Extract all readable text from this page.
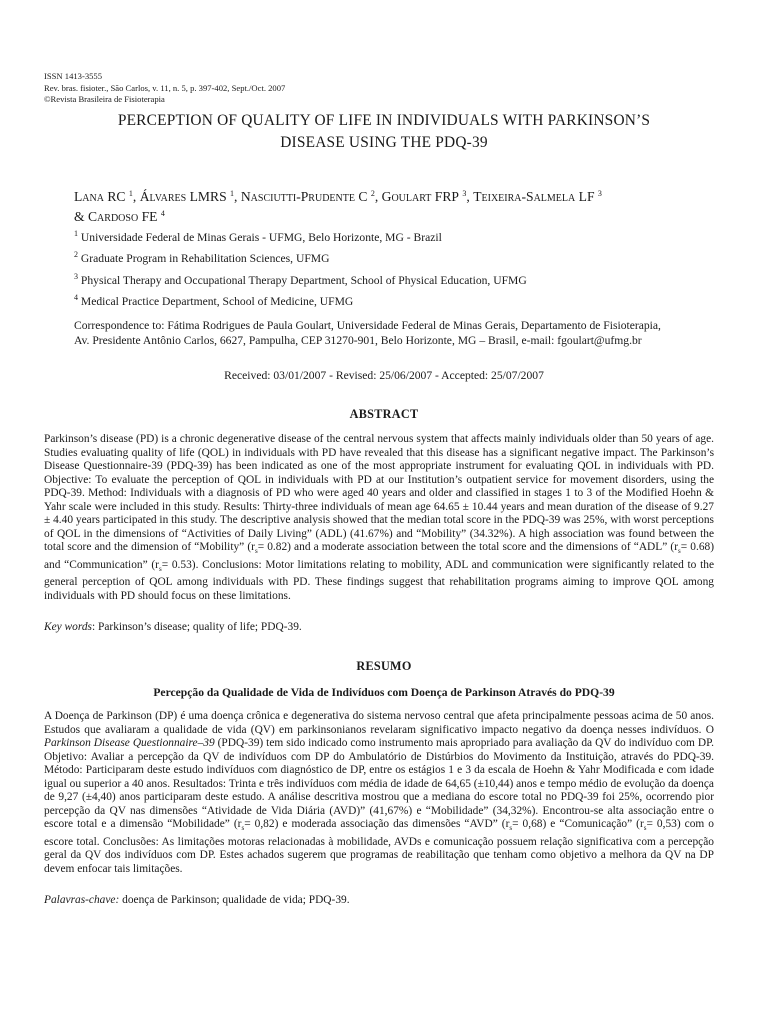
ISSN 1413-3555
Rev. bras. fisioter., São Carlos, v. 11, n. 5, p. 397-402, Sept./Oct. 2007
©Revista Brasileira de Fisioterapia
PERCEPTION OF QUALITY OF LIFE IN INDIVIDUALS WITH PARKINSON’S
DISEASE USING THE PDQ-39
Lana RC $^1$, Álvares LMRS $^1$, Nasciutti-Prudente C $^2$, Goulart FRP $^3$, Teixeira-Salmela LF $^3$
& Cardoso FE $^4$
$^1$ Universidade Federal de Minas Gerais - UFMG, Belo Horizonte, MG - Brazil
$^2$ Graduate Program in Rehabilitation Sciences, UFMG
$^3$ Physical Therapy and Occupational Therapy Department, School of Physical Education, UFMG
$^4$ Medical Practice Department, School of Medicine, UFMG
Correspondence to: Fátima Rodrigues de Paula Goulart, Universidade Federal de Minas Gerais, Departamento de Fisioterapia, Av. Presidente Antônio Carlos, 6627, Pampulha, CEP 31270-901, Belo Horizonte, MG – Brasil, e-mail: fgoulart@ufmg.br
Received: 03/01/2007 - Revised: 25/06/2007 - Accepted: 25/07/2007
ABSTRACT

Parkinson’s disease (PD) is a chronic degenerative disease of the central nervous system that affects mainly individuals older than 50 years of age. Studies evaluating quality of life (QOL) in individuals with PD have revealed that this disease has a significant negative impact. The Parkinson’s Disease Questionnaire-39 (PDQ-39) has been indicated as one of the most appropriate instrument for evaluating QOL in individuals with PD. Objective: To evaluate the perception of QOL in individuals with PD at our Institution’s outpatient service for movement disorders, using the PDQ-39. Method: Individuals with a diagnosis of PD who were aged 40 years and older and classified in stages 1 to 3 of the Modified Hoehn & Yahr scale were included in this study. Results: Thirty-three individuals of mean age 64.65 ± 10.44 years and mean duration of the disease of 9.27 ± 4.40 years participated in this study. The descriptive analysis showed that the median total score in the PDQ-39 was 25%, with worst perceptions of QOL in the dimensions of “Activities of Daily Living” (ADL) (41.67%) and “Mobility” (34.32%). A high association was found between the total score and the dimension of “Mobility” $(r_s= 0.82)$ and a moderate association between the total score and the dimensions of “ADL” $(r_s= 0.68)$ and “Communication” $(r_s= 0.53)$. Conclusions: Motor limitations relating to mobility, ADL and communication were significantly related to the general perception of QOL among individuals with PD. These findings suggest that rehabilitation programs aiming to improve QOL among individuals with PD should focus on these limitations.

Key words: Parkinson’s disease; quality of life; PDQ-39.
RESUMO
Percepção da Qualidade de Vida de Indivíduos com Doença de Parkinson Através do PDQ-39

A Doença de Parkinson (DP) é uma doença crônica e degenerativa do sistema nervoso central que afeta principalmente pessoas acima de 50 anos. Estudos que avaliaram a qualidade de vida (QV) em parkinsonianos revelaram significativo impacto negativo da doença nesses indivíduos. O Parkinson Disease Questionnaire–39 (PDQ-39) tem sido indicado como instrumento mais apropriado para avaliação da QV do indivíduo com DP. Objetivo: Avaliar a percepção da QV de indivíduos com DP do Ambulatório de Distúrbios do Movimento da Instituição, através do PDQ-39. Método: Participaram deste estudo indivíduos com diagnóstico de DP, entre os estágios 1 e 3 da escala de Hoehn & Yahr Modificada e com idade igual ou superior a 40 anos. Resultados: Trinta e três indivíduos com média de idade de 64,65 (±10,44) anos e tempo médio de evolução da doença de 9,27 (±4,40) anos participaram deste estudo. A análise descritiva mostrou que a mediana do escore total no PDQ-39 foi 25%, ocorrendo pior percepção da QV nas dimensões “Atividade de Vida Diária (AVD)” (41,67%) e “Mobilidade” (34,32%). Encontrou-se alta associação entre o escore total e a dimensão “Mobilidade” $(r_s= 0,82)$ e moderada associação das dimensões “AVD” $(r_s= 0,68)$ e “Comunicação” $(r_s= 0,53)$ com o escore total. Conclusões: As limitações motoras relacionadas à mobilidade, AVDs e comunicação possuem relação significativa com a percepção geral da QV dos indivíduos com DP. Estes achados sugerem que programas de reabilitação que tenham como objetivo a melhora da QV na DP devem enfocar tais limitações.

Palavras-chave: doença de Parkinson; qualidade de vida; PDQ-39.
